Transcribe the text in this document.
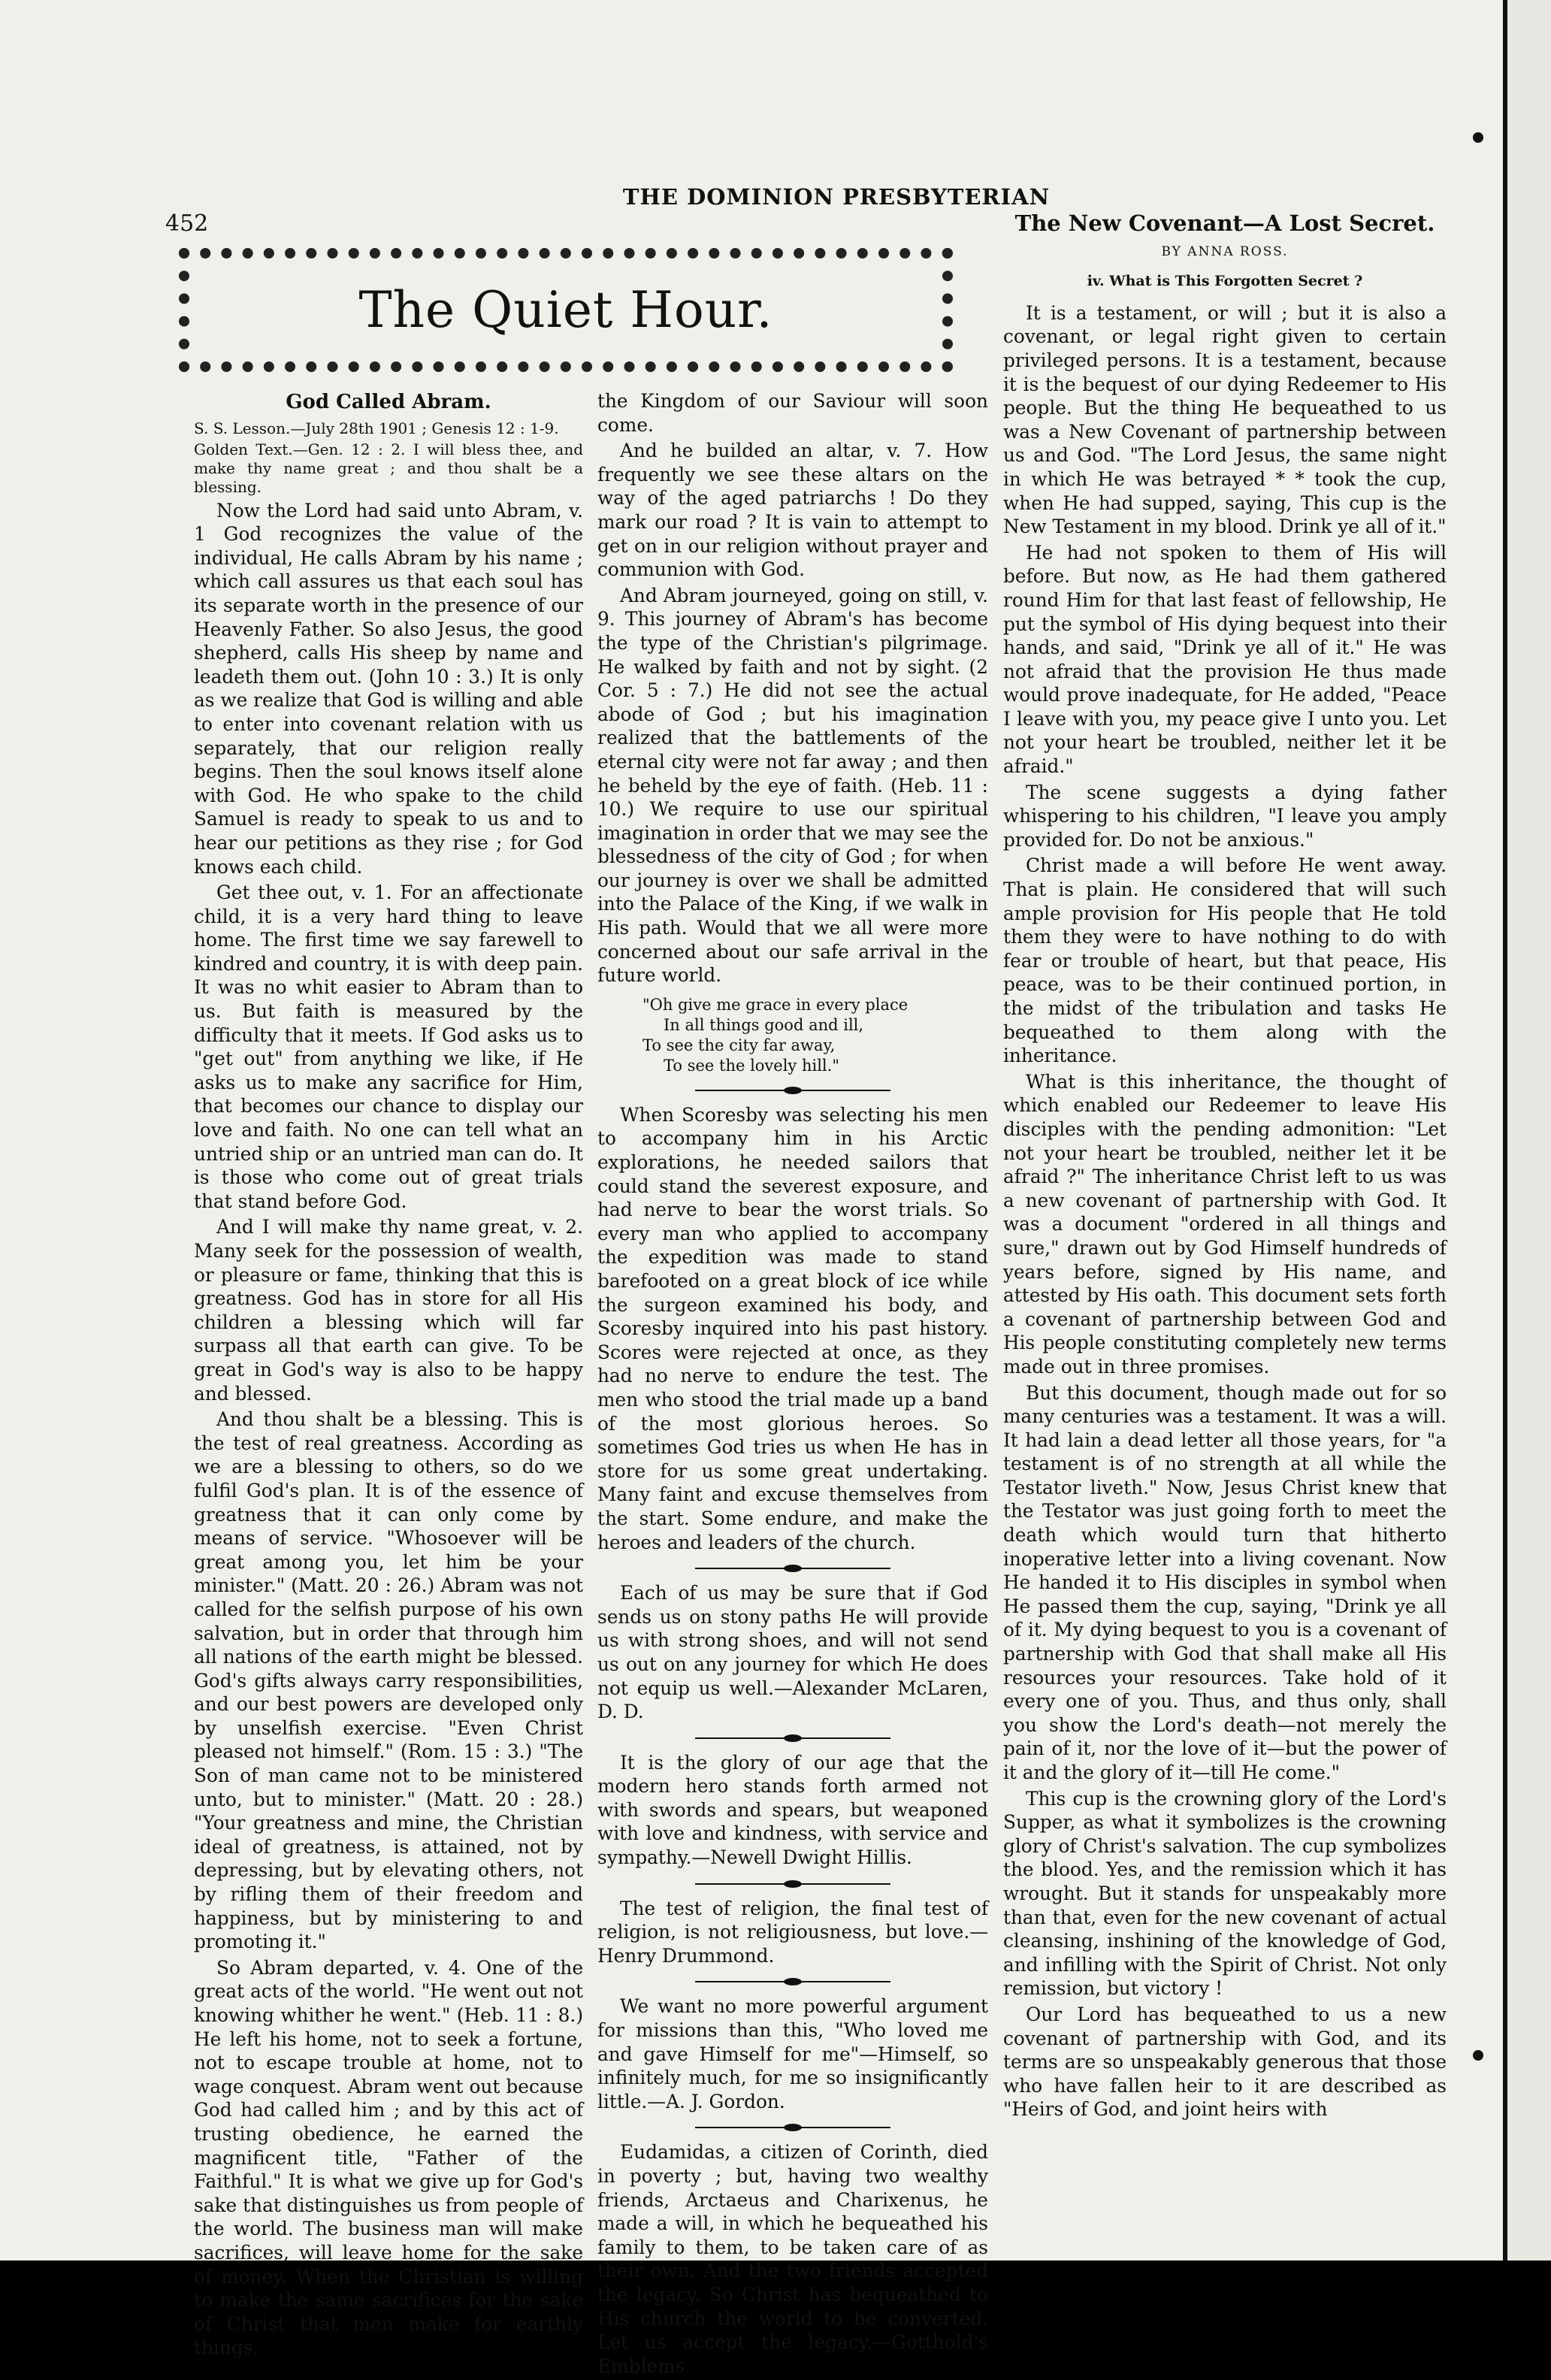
THE DOMINION PRESBYTERIAN
452
The Quiet Hour.
God Called Abram.

S. S. Lesson.—July 28th 1901 ; Genesis 12 : 1-9.

Golden Text.—Gen. 12 : 2. I will bless thee, and make thy name great ; and thou shalt be a blessing.

Now the Lord had said unto Abram, v. 1 God recognizes the value of the individual, He calls Abram by his name ; which call assures us that each soul has its separate worth in the presence of our Heavenly Father. So also Jesus, the good shepherd, calls His sheep by name and leadeth them out. (John 10 : 3.) It is only as we realize that God is willing and able to enter into covenant relation with us separately, that our religion really begins. Then the soul knows itself alone with God. He who spake to the child Samuel is ready to speak to us and to hear our petitions as they rise ; for God knows each child.

Get thee out, v. 1. For an affectionate child, it is a very hard thing to leave home. The first time we say farewell to kindred and country, it is with deep pain. It was no whit easier to Abram than to us. But faith is measured by the difficulty that it meets. If God asks us to "get out" from anything we like, if He asks us to make any sacrifice for Him, that becomes our chance to display our love and faith. No one can tell what an untried ship or an untried man can do. It is those who come out of great trials that stand before God.

And I will make thy name great, v. 2. Many seek for the possession of wealth, or pleasure or fame, thinking that this is greatness. God has in store for all His children a blessing which will far surpass all that earth can give. To be great in God's way is also to be happy and blessed.

And thou shalt be a blessing. This is the test of real greatness. According as we are a blessing to others, so do we fulfil God's plan. It is of the essence of greatness that it can only come by means of service. "Whosoever will be great among you, let him be your minister." (Matt. 20 : 26.) Abram was not called for the selfish purpose of his own salvation, but in order that through him all nations of the earth might be blessed. God's gifts always carry responsibilities, and our best powers are developed only by unselfish exercise. "Even Christ pleased not himself." (Rom. 15 : 3.) "The Son of man came not to be ministered unto, but to minister." (Matt. 20 : 28.) "Your greatness and mine, the Christian ideal of greatness, is attained, not by depressing, but by elevating others, not by rifling them of their freedom and happiness, but by ministering to and promoting it."

So Abram departed, v. 4. One of the great acts of the world. "He went out not knowing whither he went." (Heb. 11 : 8.) He left his home, not to seek a fortune, not to escape trouble at home, not to wage conquest. Abram went out because God had called him ; and by this act of trusting obedience, he earned the magnificent title, "Father of the Faithful." It is what we give up for God's sake that distinguishes us from people of the world. The business man will make sacrifices, will leave home for the sake of money. When the Christian is willing to make the same sacrifices for the sake of Christ that men make for earthly things,

the Kingdom of our Saviour will soon come.

And he builded an altar, v. 7. How frequently we see these altars on the way of the aged patriarchs ! Do they mark our road ? It is vain to attempt to get on in our religion without prayer and communion with God.

And Abram journeyed, going on still, v. 9. This journey of Abram's has become the type of the Christian's pilgrimage. He walked by faith and not by sight. (2 Cor. 5 : 7.) He did not see the actual abode of God ; but his imagination realized that the battlements of the eternal city were not far away ; and then he beheld by the eye of faith. (Heb. 11 : 10.) We require to use our spiritual imagination in order that we may see the blessedness of the city of God ; for when our journey is over we shall be admitted into the Palace of the King, if we walk in His path. Would that we all were more concerned about our safe arrival in the future world.

"Oh give me grace in every place
In all things good and ill,
To see the city far away,
To see the lovely hill."

When Scoresby was selecting his men to accompany him in his Arctic explorations, he needed sailors that could stand the severest exposure, and had nerve to bear the worst trials. So every man who applied to accompany the expedition was made to stand barefooted on a great block of ice while the surgeon examined his body, and Scoresby inquired into his past history. Scores were rejected at once, as they had no nerve to endure the test. The men who stood the trial made up a band of the most glorious heroes. So sometimes God tries us when He has in store for us some great undertaking. Many faint and excuse themselves from the start. Some endure, and make the heroes and leaders of the church.

Each of us may be sure that if God sends us on stony paths He will provide us with strong shoes, and will not send us out on any journey for which He does not equip us well.—Alexander McLaren, D. D.

It is the glory of our age that the modern hero stands forth armed not with swords and spears, but weaponed with love and kindness, with service and sympathy.—Newell Dwight Hillis.

The test of religion, the final test of religion, is not religiousness, but love.—Henry Drummond.

We want no more powerful argument for missions than this, "Who loved me and gave Himself for me"—Himself, so infinitely much, for me so insignificantly little.—A. J. Gordon.

Eudamidas, a citizen of Corinth, died in poverty ; but, having two wealthy friends, Arctaeus and Charixenus, he made a will, in which he bequeathed his family to them, to be taken care of as their own. And the two friends accepted the legacy. So Christ has bequeathed to His church the world to be converted. Let us accept the legacy.—Gotthold's Emblems.

The New Covenant—A Lost Secret.
BY ANNA ROSS.
iv. What is This Forgotten Secret ?

It is a testament, or will ; but it is also a covenant, or legal right given to certain privileged persons. It is a testament, because it is the bequest of our dying Redeemer to His people. But the thing He bequeathed to us was a New Covenant of partnership between us and God. "The Lord Jesus, the same night in which He was betrayed * * took the cup, when He had supped, saying, This cup is the New Testament in my blood. Drink ye all of it."

He had not spoken to them of His will before. But now, as He had them gathered round Him for that last feast of fellowship, He put the symbol of His dying bequest into their hands, and said, "Drink ye all of it." He was not afraid that the provision He thus made would prove inadequate, for He added, "Peace I leave with you, my peace give I unto you. Let not your heart be troubled, neither let it be afraid."

The scene suggests a dying father whispering to his children, "I leave you amply provided for. Do not be anxious."

Christ made a will before He went away. That is plain. He considered that will such ample provision for His people that He told them they were to have nothing to do with fear or trouble of heart, but that peace, His peace, was to be their continued portion, in the midst of the tribulation and tasks He bequeathed to them along with the inheritance.

What is this inheritance, the thought of which enabled our Redeemer to leave His disciples with the pending admonition: "Let not your heart be troubled, neither let it be afraid ?" The inheritance Christ left to us was a new covenant of partnership with God. It was a document "ordered in all things and sure," drawn out by God Himself hundreds of years before, signed by His name, and attested by His oath. This document sets forth a covenant of partnership between God and His people constituting completely new terms made out in three promises.

But this document, though made out for so many centuries was a testament. It was a will. It had lain a dead letter all those years, for "a testament is of no strength at all while the Testator liveth." Now, Jesus Christ knew that the Testator was just going forth to meet the death which would turn that hitherto inoperative letter into a living covenant. Now He handed it to His disciples in symbol when He passed them the cup, saying, "Drink ye all of it. My dying bequest to you is a covenant of partnership with God that shall make all His resources your resources. Take hold of it every one of you. Thus, and thus only, shall you show the Lord's death—not merely the pain of it, nor the love of it—but the power of it and the glory of it—till He come."

This cup is the crowning glory of the Lord's Supper, as what it symbolizes is the crowning glory of Christ's salvation. The cup symbolizes the blood. Yes, and the remission which it has wrought. But it stands for unspeakably more than that, even for the new covenant of actual cleansing, inshining of the knowledge of God, and infilling with the Spirit of Christ. Not only remission, but victory !

Our Lord has bequeathed to us a new covenant of partnership with God, and its terms are so unspeakably generous that those who have fallen heir to it are described as "Heirs of God, and joint heirs with
